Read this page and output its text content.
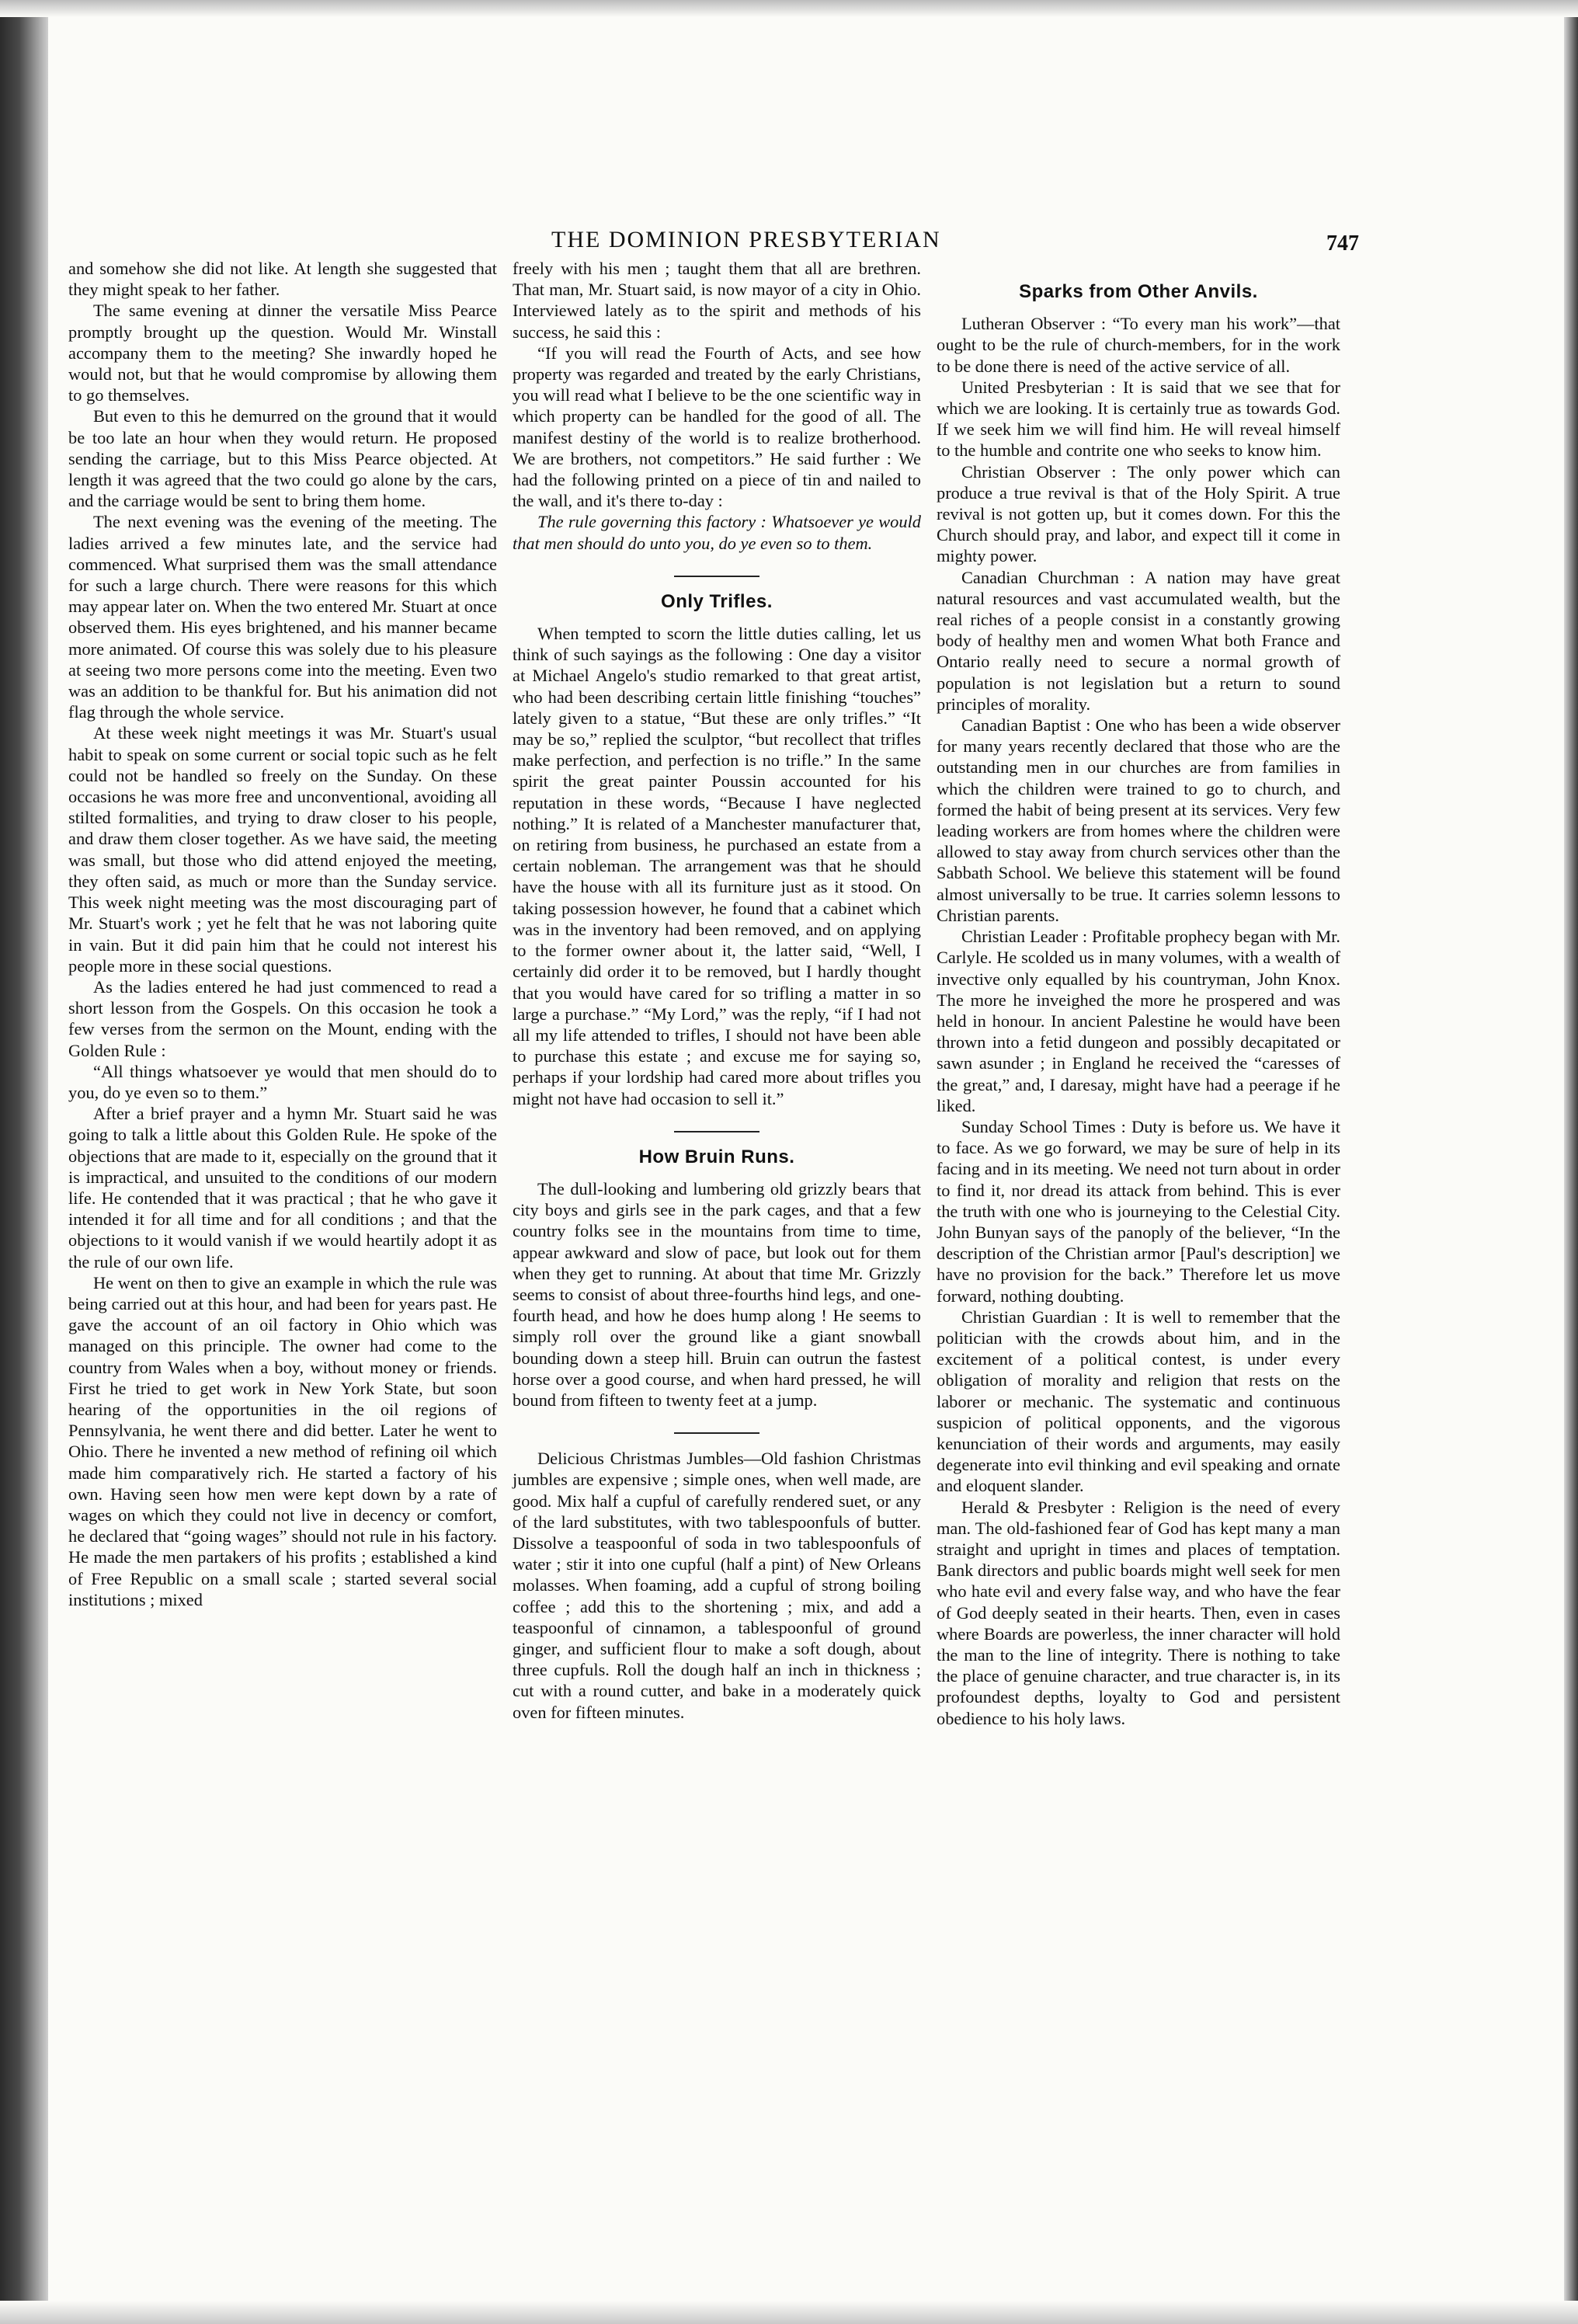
THE DOMINION PRESBYTERIAN	747

and somehow she did not like. At length she suggested that they might speak to her father.

The same evening at dinner the versatile Miss Pearce promptly brought up the question. Would Mr. Winstall accompany them to the meeting? She inwardly hoped he would not, but that he would compromise by allowing them to go themselves.

But even to this he demurred on the ground that it would be too late an hour when they would return. He proposed sending the carriage, but to this Miss Pearce objected. At length it was agreed that the two could go alone by the cars, and the carriage would be sent to bring them home.

The next evening was the evening of the meeting. The ladies arrived a few minutes late, and the service had commenced. What surprised them was the small attendance for such a large church. There were reasons for this which may appear later on. When the two entered Mr. Stuart at once observed them. His eyes brightened, and his manner became more animated. Of course this was solely due to his pleasure at seeing two more persons come into the meeting. Even two was an addition to be thankful for. But his animation did not flag through the whole service.

At these week night meetings it was Mr. Stuart's usual habit to speak on some current or social topic such as he felt could not be handled so freely on the Sunday. On these occasions he was more free and unconventional, avoiding all stilted formalities, and trying to draw closer to his people, and draw them closer together. As we have said, the meeting was small, but those who did attend enjoyed the meeting, they often said, as much or more than the Sunday service. This week night meeting was the most discouraging part of Mr. Stuart's work ; yet he felt that he was not laboring quite in vain. But it did pain him that he could not interest his people more in these social questions.

As the ladies entered he had just commenced to read a short lesson from the Gospels. On this occasion he took a few verses from the sermon on the Mount, ending with the Golden Rule :

“All things whatsoever ye would that men should do to you, do ye even so to them.”

After a brief prayer and a hymn Mr. Stuart said he was going to talk a little about this Golden Rule. He spoke of the objections that are made to it, especially on the ground that it is impractical, and unsuited to the conditions of our modern life. He contended that it was practical ; that he who gave it intended it for all time and for all conditions ; and that the objections to it would vanish if we would heartily adopt it as the rule of our own life.

He went on then to give an example in which the rule was being carried out at this hour, and had been for years past. He gave the account of an oil factory in Ohio which was managed on this principle. The owner had come to the country from Wales when a boy, without money or friends. First he tried to get work in New York State, but soon hearing of the opportunities in the oil regions of Pennsylvania, he went there and did better. Later he went to Ohio. There he invented a new method of refining oil which made him comparatively rich. He started a factory of his own. Having seen how men were kept down by a rate of wages on which they could not live in decency or comfort, he declared that “going wages” should not rule in his factory. He made the men partakers of his profits ; established a kind of Free Republic on a small scale ; started several social institutions ; mixed

freely with his men ; taught them that all are brethren. That man, Mr. Stuart said, is now mayor of a city in Ohio. Interviewed lately as to the spirit and methods of his success, he said this :

“If you will read the Fourth of Acts, and see how property was regarded and treated by the early Christians, you will read what I believe to be the one scientific way in which property can be handled for the good of all. The manifest destiny of the world is to realize brotherhood. We are brothers, not competitors.” He said further : We had the following printed on a piece of tin and nailed to the wall, and it's there to-day :

The rule governing this factory : Whatsoever ye would that men should do unto you, do ye even so to them.

Only Trifles.

When tempted to scorn the little duties calling, let us think of such sayings as the following : One day a visitor at Michael Angelo's studio remarked to that great artist, who had been describing certain little finishing “touches” lately given to a statue, “But these are only trifles.” “It may be so,” replied the sculptor, “but recollect that trifles make perfection, and perfection is no trifle.” In the same spirit the great painter Poussin accounted for his reputation in these words, “Because I have neglected nothing.” It is related of a Manchester manufacturer that, on retiring from business, he purchased an estate from a certain nobleman. The arrangement was that he should have the house with all its furniture just as it stood. On taking possession however, he found that a cabinet which was in the inventory had been removed, and on applying to the former owner about it, the latter said, “Well, I certainly did order it to be removed, but I hardly thought that you would have cared for so trifling a matter in so large a purchase.” “My Lord,” was the reply, “if I had not all my life attended to trifles, I should not have been able to purchase this estate ; and excuse me for saying so, perhaps if your lordship had cared more about trifles you might not have had occasion to sell it.”

How Bruin Runs.

The dull-looking and lumbering old grizzly bears that city boys and girls see in the park cages, and that a few country folks see in the mountains from time to time, appear awkward and slow of pace, but look out for them when they get to running. At about that time Mr. Grizzly seems to consist of about three-fourths hind legs, and one-fourth head, and how he does hump along ! He seems to simply roll over the ground like a giant snowball bounding down a steep hill. Bruin can outrun the fastest horse over a good course, and when hard pressed, he will bound from fifteen to twenty feet at a jump.

Delicious Christmas Jumbles—Old fashion Christmas jumbles are expensive ; simple ones, when well made, are good. Mix half a cupful of carefully rendered suet, or any of the lard substitutes, with two tablespoonfuls of butter. Dissolve a teaspoonful of soda in two tablespoonfuls of water ; stir it into one cupful (half a pint) of New Orleans molasses. When foaming, add a cupful of strong boiling coffee ; add this to the shortening ; mix, and add a teaspoonful of cinnamon, a tablespoonful of ground ginger, and sufficient flour to make a soft dough, about three cupfuls. Roll the dough half an inch in thickness ; cut with a round cutter, and bake in a moderately quick oven for fifteen minutes.

Sparks from Other Anvils.

Lutheran Observer : “To every man his work”—that ought to be the rule of church-members, for in the work to be done there is need of the active service of all.

United Presbyterian : It is said that we see that for which we are looking. It is certainly true as towards God. If we seek him we will find him. He will reveal himself to the humble and contrite one who seeks to know him.

Christian Observer : The only power which can produce a true revival is that of the Holy Spirit. A true revival is not gotten up, but it comes down. For this the Church should pray, and labor, and expect till it come in mighty power.

Canadian Churchman : A nation may have great natural resources and vast accumulated wealth, but the real riches of a people consist in a constantly growing body of healthy men and women What both France and Ontario really need to secure a normal growth of population is not legislation but a return to sound principles of morality.

Canadian Baptist : One who has been a wide observer for many years recently declared that those who are the outstanding men in our churches are from families in which the children were trained to go to church, and formed the habit of being present at its services. Very few leading workers are from homes where the children were allowed to stay away from church services other than the Sabbath School. We believe this statement will be found almost universally to be true. It carries solemn lessons to Christian parents.

Christian Leader : Profitable prophecy began with Mr. Carlyle. He scolded us in many volumes, with a wealth of invective only equalled by his countryman, John Knox. The more he inveighed the more he prospered and was held in honour. In ancient Palestine he would have been thrown into a fetid dungeon and possibly decapitated or sawn asunder ; in England he received the “caresses of the great,” and, I daresay, might have had a peerage if he liked.

Sunday School Times : Duty is before us. We have it to face. As we go forward, we may be sure of help in its facing and in its meeting. We need not turn about in order to find it, nor dread its attack from behind. This is ever the truth with one who is journeying to the Celestial City. John Bunyan says of the panoply of the believer, “In the description of the Christian armor [Paul's description] we have no provision for the back.” Therefore let us move forward, nothing doubting.

Christian Guardian : It is well to remember that the politician with the crowds about him, and in the excitement of a political contest, is under every obligation of morality and religion that rests on the laborer or mechanic. The systematic and continuous suspicion of political opponents, and the vigorous kenunciation of their words and arguments, may easily degenerate into evil thinking and evil speaking and ornate and eloquent slander.

Herald & Presbyter : Religion is the need of every man. The old-fashioned fear of God has kept many a man straight and upright in times and places of temptation. Bank directors and public boards might well seek for men who hate evil and every false way, and who have the fear of God deeply seated in their hearts. Then, even in cases where Boards are powerless, the inner character will hold the man to the line of integrity. There is nothing to take the place of genuine character, and true character is, in its profoundest depths, loyalty to God and persistent obedience to his holy laws.
